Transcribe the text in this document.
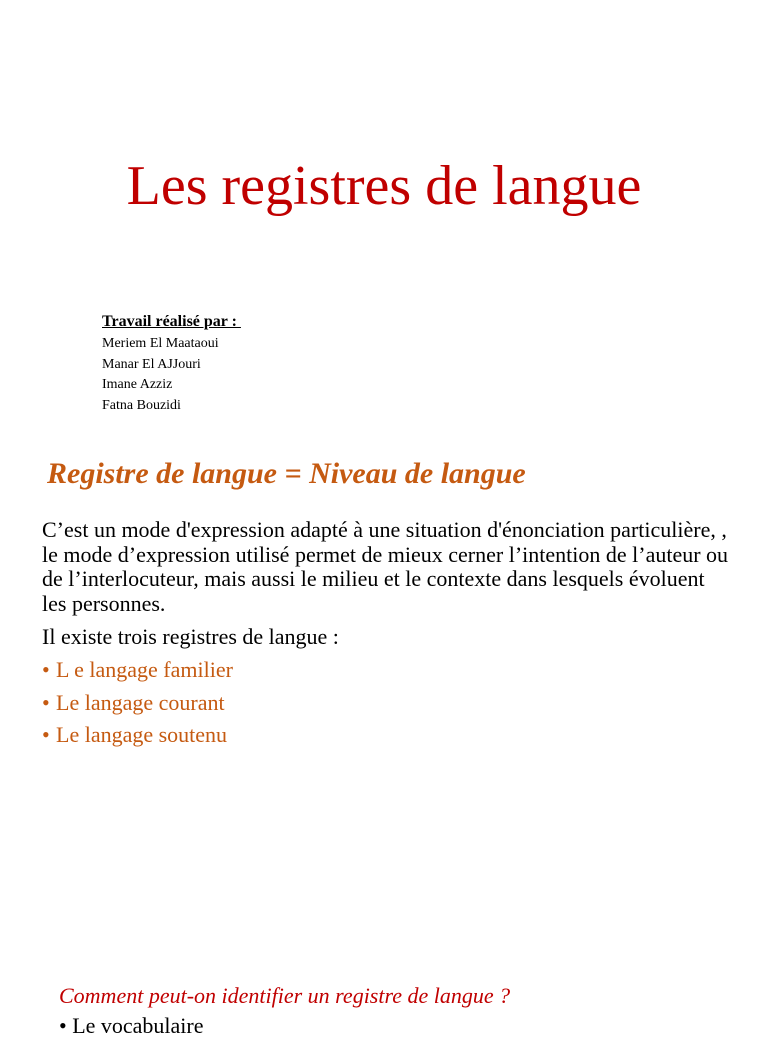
Les registres de langue
Travail réalisé par :
Meriem El Maataoui
Manar El AJJouri
Imane Azziz
Fatna Bouzidi
Registre de langue = Niveau de langue

C’est un mode d'expression adapté à une situation d'énonciation particulière, , le mode d’expression utilisé permet de mieux cerner l’intention de l’auteur ou de l’interlocuteur, mais aussi le milieu et le contexte dans lesquels évoluent les personnes.

Il existe trois registres de langue :

• L e langage familier
• Le langage courant
• Le langage soutenu

Comment peut-on identifier un registre de langue ?

• Le vocabulaire
